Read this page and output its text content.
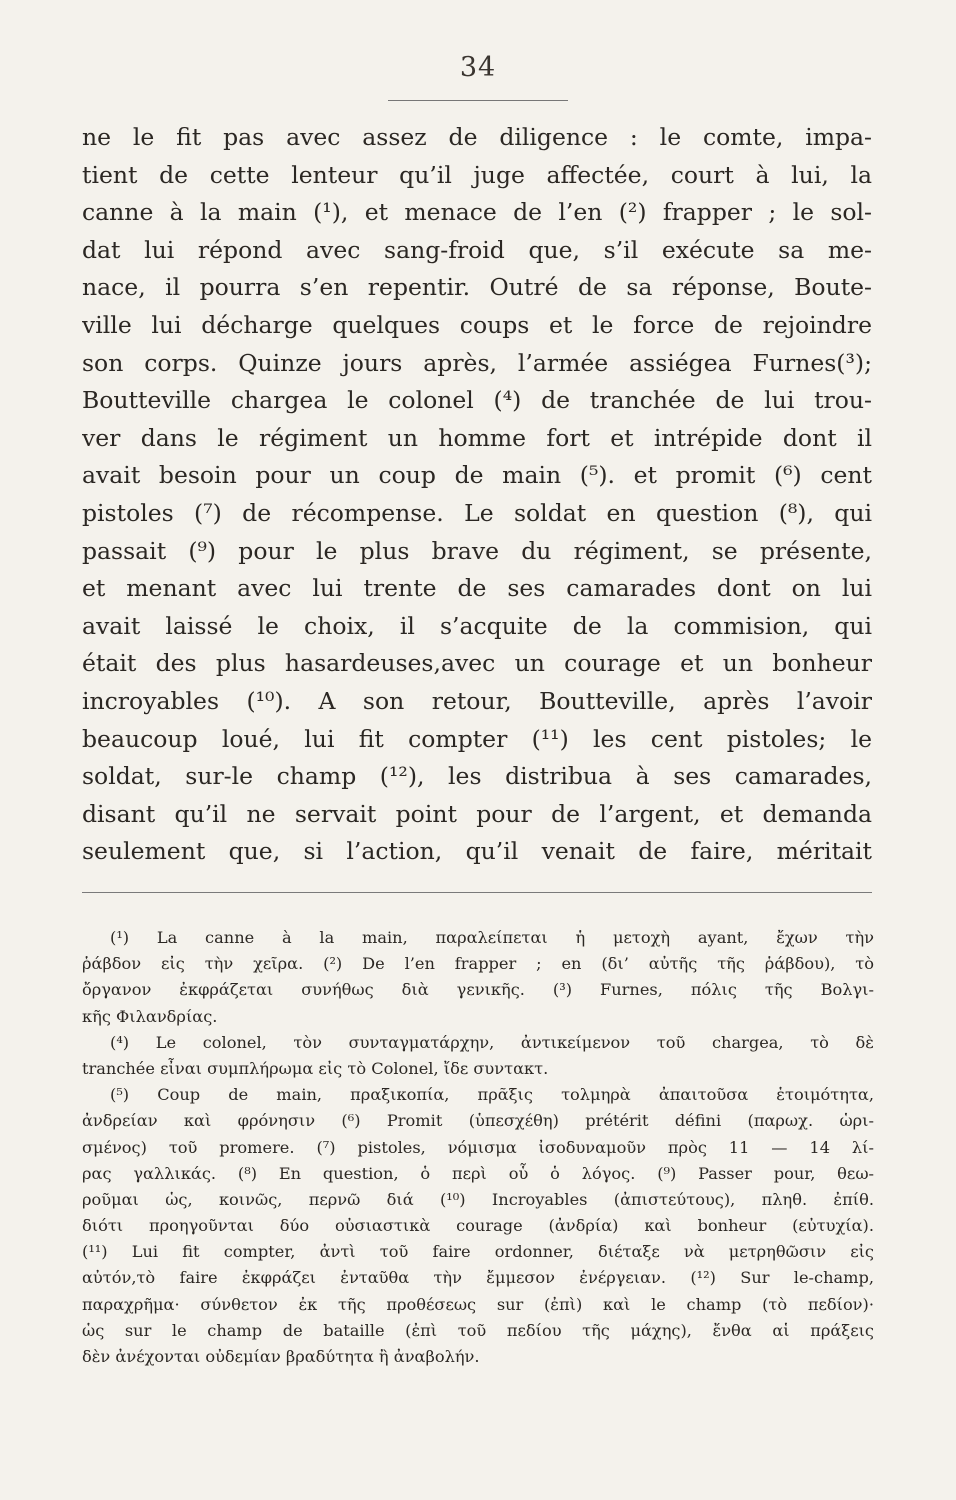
34
ne le fit pas avec assez de diligence : le comte, impa-
tient de cette lenteur qu’il juge affectée, court à lui, la
canne à la main (¹), et menace de l’en (²) frapper ; le sol-
dat lui répond avec sang-froid que, s’il exécute sa me-
nace, il pourra s’en repentir. Outré de sa réponse, Boute-
ville lui décharge quelques coups et le force de rejoindre
son corps. Quinze jours après, l’armée assiégea Furnes(³);
Boutteville chargea le colonel (⁴) de tranchée de lui trou-
ver dans le régiment un homme fort et intrépide dont il
avait besoin pour un coup de main (⁵). et promit (⁶) cent
pistoles (⁷) de récompense. Le soldat en question (⁸), qui
passait (⁹) pour le plus brave du régiment, se présente,
et menant avec lui trente de ses camarades dont on lui
avait laissé le choix, il s’acquite de la commision, qui
était des plus hasardeuses,avec un courage et un bonheur
incroyables (¹⁰). A son retour, Boutteville, après l’avoir
beaucoup loué, lui fit compter (¹¹) les cent pistoles; le
soldat, sur-le champ (¹²), les distribua à ses camarades,
disant qu’il ne servait point pour de l’argent, et demanda
seulement que, si l’action, qu’il venait de faire, méritait
(¹) La canne à la main, παραλείπεται ἡ μετοχὴ ayant, ἔχων τὴν
ῥάβδον εἰς τὴν χεῖρα. (²) De l’en frapper ; en (δι’ αὐτῆς τῆς ῥάβδου), τὸ
ὄργανον ἐκφράζεται συνήθως διὰ γενικῆς. (³) Furnes, πόλις τῆς Βολγι-
κῆς Φιλανδρίας.
(⁴) Le colonel, τὸν συνταγματάρχην, ἀντικείμενον τοῦ chargea, τὸ δὲ
tranchée εἶναι συμπλήρωμα εἰς τὸ Colonel, ἴδε συντακτ.
(⁵) Coup de main, πραξικοπία, πρᾶξις τολμηρὰ ἀπαιτοῦσα ἑτοιμότητα,
ἀνδρείαν καὶ φρόνησιν (⁶) Promit (ὑπεσχέθη) prétérit défini (παρωχ. ὡρι-
σμένος) τοῦ promere. (⁷) pistoles, νόμισμα ἰσοδυναμοῦν πρὸς 11 — 14 λί-
ρας γαλλικάς. (⁸) En question, ὁ περὶ οὗ ὁ λόγος. (⁹) Passer pour, θεω-
ροῦμαι ὡς, κοινῶς, περνῶ διά (¹⁰) Incroyables (ἀπιστεύτους), πληθ. ἐπίθ.
διότι προηγοῦνται δύο οὐσιαστικὰ courage (ἀνδρία) καὶ bonheur (εὐτυχία).
(¹¹) Lui fit compter, ἀντὶ τοῦ faire ordonner, διέταξε νὰ μετρηθῶσιν εἰς
αὐτόν,τὸ faire ἐκφράζει ἐνταῦθα τὴν ἔμμεσον ἐνέργειαν. (¹²) Sur le-champ,
παραχρῆμα· σύνθετον ἐκ τῆς προθέσεως sur (ἐπὶ) καὶ le champ (τὸ πεδίον)·
ὡς sur le champ de bataille (ἐπὶ τοῦ πεδίου τῆς μάχης), ἔνθα αἱ πράξεις
δὲν ἀνέχονται οὐδεμίαν βραδύτητα ἢ ἀναβολήν.
